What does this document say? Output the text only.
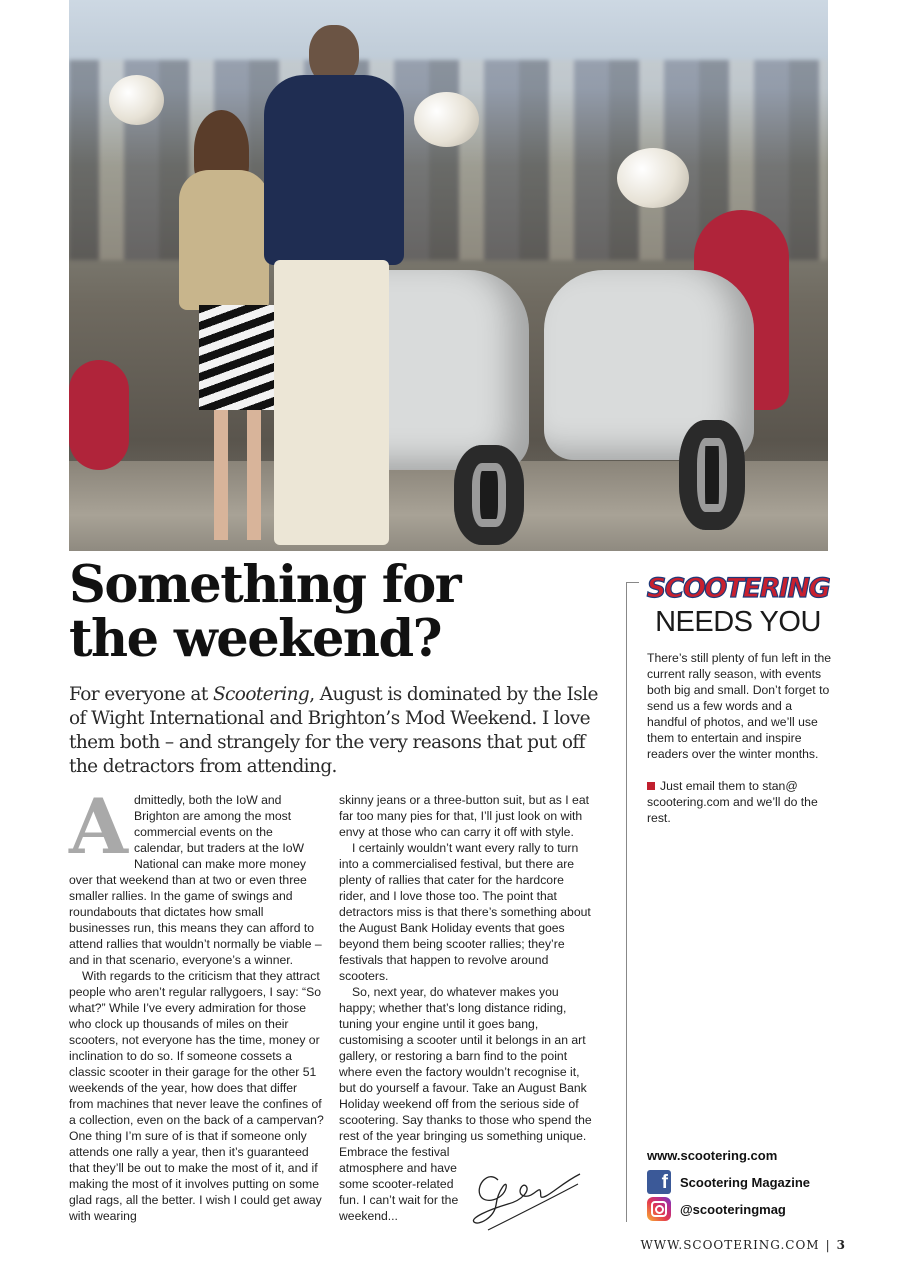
Something for
the weekend?

For everyone at Scootering, August is dominated by the Isle of Wight International and Brighton’s Mod Weekend. I love them both – and strangely for the very reasons that put off the detractors from attending.

Admittedly, both the IoW and Brighton are among the most commercial events on the calendar, but traders at the IoW National can make more money over that weekend than at two or even three smaller rallies. In the game of swings and roundabouts that dictates how small businesses run, this means they can afford to attend rallies that wouldn’t normally be viable – and in that scenario, everyone’s a winner.

With regards to the criticism that they attract people who aren’t regular rallygoers, I say: “So what?” While I’ve every admiration for those who clock up thousands of miles on their scooters, not everyone has the time, money or inclination to do so. If someone cossets a classic scooter in their garage for the other 51 weekends of the year, how does that differ from machines that never leave the confines of a collection, even on the back of a campervan? One thing I’m sure of is that if someone only attends one rally a year, then it’s guaranteed that they’ll be out to make the most of it, and if making the most of it involves putting on some glad rags, all the better. I wish I could get away with wearing

skinny jeans or a three-button suit, but as I eat far too many pies for that, I’ll just look on with envy at those who can carry it off with style.

I certainly wouldn’t want every rally to turn into a commercialised festival, but there are plenty of rallies that cater for the hardcore rider, and I love those too. The point that detractors miss is that there’s something about the August Bank Holiday events that goes beyond them being scooter rallies; they’re festivals that happen to revolve around scooters.

So, next year, do whatever makes you happy; whether that’s long distance riding, tuning your engine until it goes bang, customising a scooter until it belongs in an art gallery, or restoring a barn find to the point where even the factory wouldn’t recognise it, but do yourself a favour. Take an August Bank Holiday weekend off from the serious side of scootering. Say thanks to those who spend the rest of the year bringing us something unique.

Embrace the festival atmosphere and have some scooter-related fun. I can’t wait for the weekend...

SCOOTERING
NEEDS YOU

There’s still plenty of fun left in the current rally season, with events both big and small. Don’t forget to send us a few words and a handful of photos, and we’ll use them to entertain and inspire readers over the winter months.

Just email them to stan@ scootering.com and we’ll do the rest.

www.scootering.com
f Scootering Magazine
@scooteringmag
WWW.SCOOTERING.COM | 3
